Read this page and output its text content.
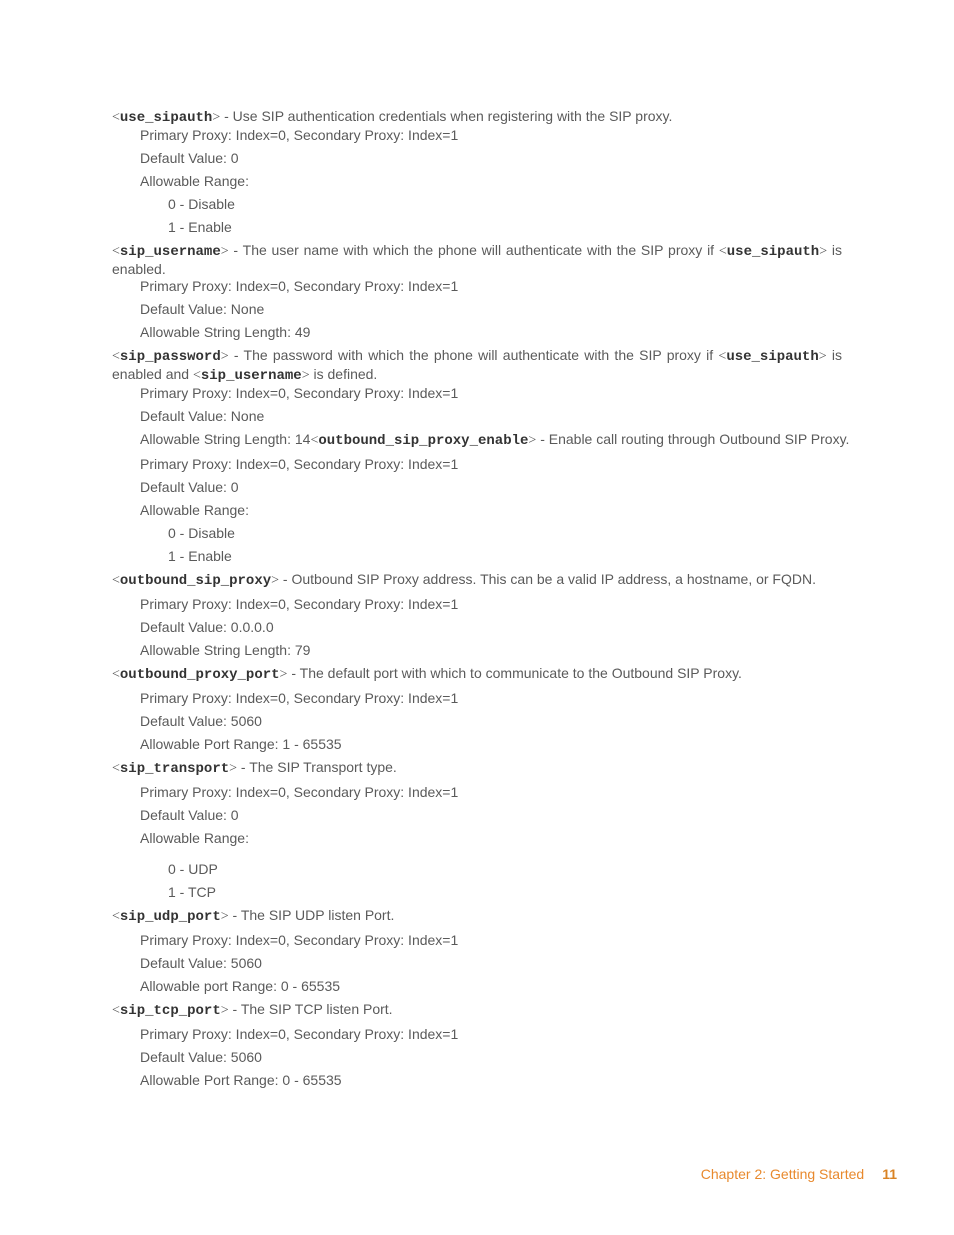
<use_sipauth> - Use SIP authentication credentials when registering with the SIP proxy.
Primary Proxy: Index=0, Secondary Proxy: Index=1
Default Value: 0
Allowable Range:
0 - Disable
1 - Enable
<sip_username> - The user name with which the phone will authenticate with the SIP proxy if <use_sipauth> is enabled.
Primary Proxy: Index=0, Secondary Proxy: Index=1
Default Value: None
Allowable String Length: 49
<sip_password> - The password with which the phone will authenticate with the SIP proxy if <use_sipauth> is enabled and <sip_username> is defined.
Primary Proxy: Index=0, Secondary Proxy: Index=1
Default Value: None
Allowable String Length: 14<outbound_sip_proxy_enable> - Enable call routing through Outbound SIP Proxy.
Primary Proxy: Index=0, Secondary Proxy: Index=1
Default Value: 0
Allowable Range:
0 - Disable
1 - Enable
<outbound_sip_proxy> - Outbound SIP Proxy address. This can be a valid IP address, a hostname, or FQDN.
Primary Proxy: Index=0, Secondary Proxy: Index=1
Default Value: 0.0.0.0
Allowable String Length: 79
<outbound_proxy_port> - The default port with which to communicate to the Outbound SIP Proxy.
Primary Proxy: Index=0, Secondary Proxy: Index=1
Default Value: 5060
Allowable Port Range: 1 - 65535
<sip_transport> - The SIP Transport type.
Primary Proxy: Index=0, Secondary Proxy: Index=1
Default Value: 0
Allowable Range:
0 - UDP
1 - TCP
<sip_udp_port> - The SIP UDP listen Port.
Primary Proxy: Index=0, Secondary Proxy: Index=1
Default Value: 5060
Allowable port Range: 0 - 65535
<sip_tcp_port> - The SIP TCP listen Port.
Primary Proxy: Index=0, Secondary Proxy: Index=1
Default Value: 5060
Allowable Port Range: 0 - 65535
Chapter 2: Getting Started 11
